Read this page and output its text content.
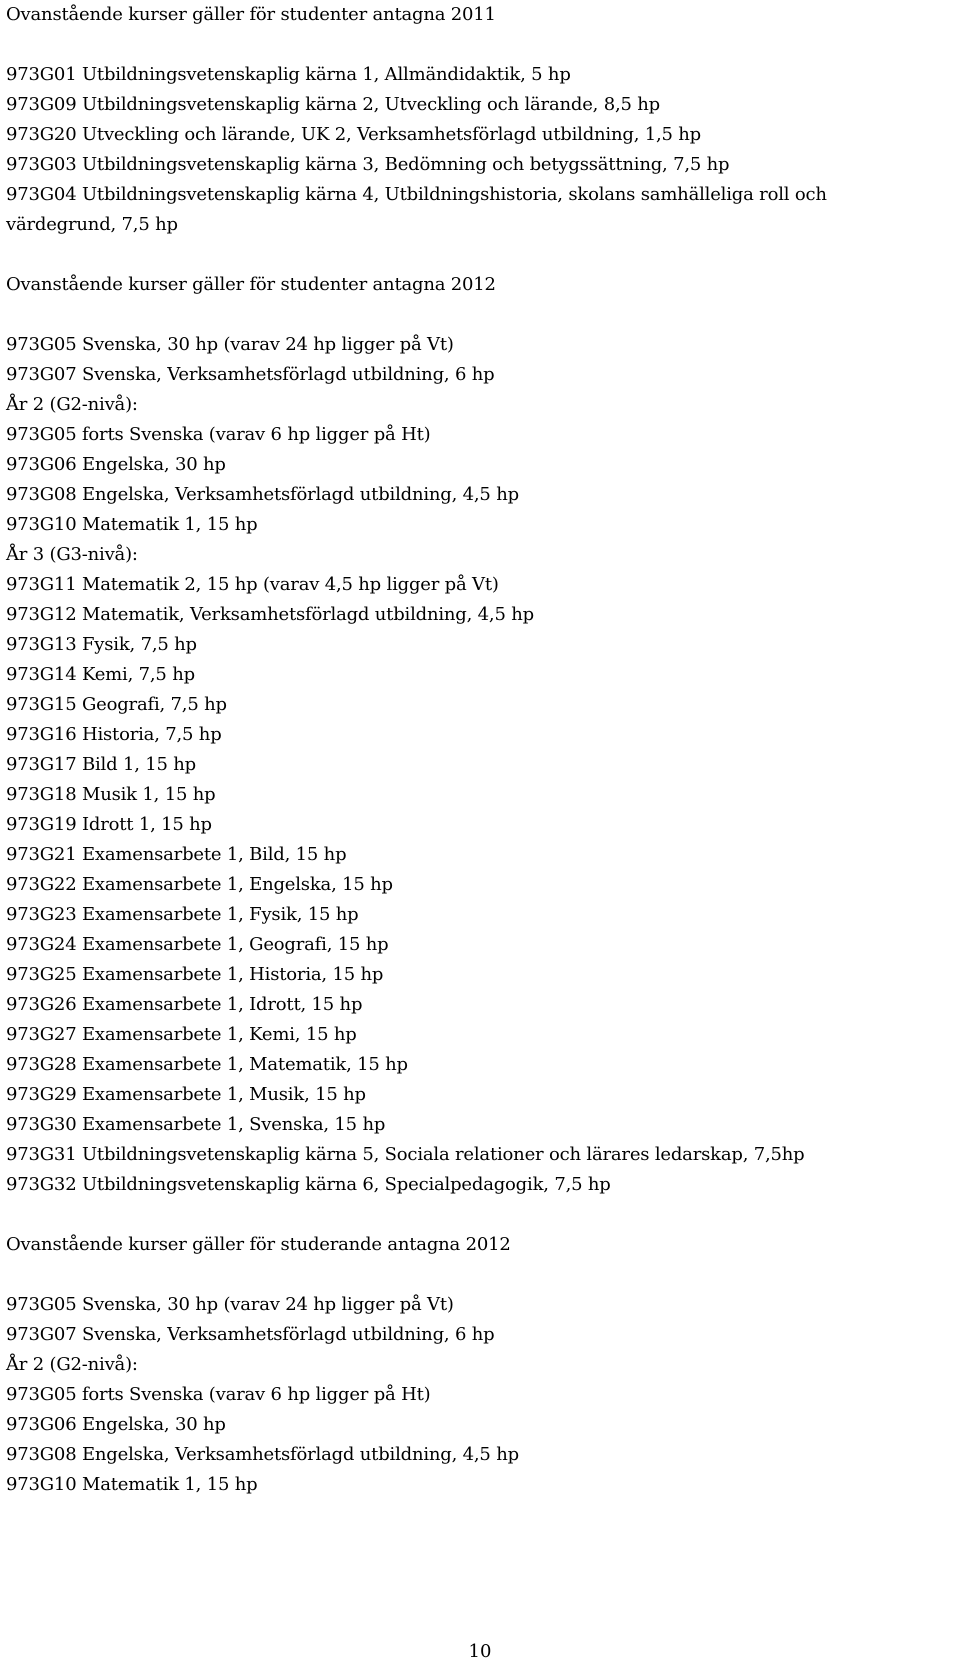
Ovanstående kurser gäller för studenter antagna 2011
973G01 Utbildningsvetenskaplig kärna 1, Allmändidaktik, 5 hp
973G09 Utbildningsvetenskaplig kärna 2, Utveckling och lärande, 8,5 hp
973G20 Utveckling och lärande, UK 2, Verksamhetsförlagd utbildning, 1,5 hp
973G03 Utbildningsvetenskaplig kärna 3, Bedömning och betygssättning, 7,5 hp
973G04 Utbildningsvetenskaplig kärna 4, Utbildningshistoria, skolans samhälleliga roll och
värdegrund, 7,5 hp
Ovanstående kurser gäller för studenter antagna 2012
973G05 Svenska, 30 hp (varav 24 hp ligger på Vt)
973G07 Svenska, Verksamhetsförlagd utbildning, 6 hp
År 2 (G2-nivå):
973G05 forts Svenska (varav 6 hp ligger på Ht)
973G06 Engelska, 30 hp
973G08 Engelska, Verksamhetsförlagd utbildning, 4,5 hp
973G10 Matematik 1, 15 hp
År 3 (G3-nivå):
973G11 Matematik 2, 15 hp (varav 4,5 hp ligger på Vt)
973G12 Matematik, Verksamhetsförlagd utbildning, 4,5 hp
973G13 Fysik, 7,5 hp
973G14 Kemi, 7,5 hp
973G15 Geografi, 7,5 hp
973G16 Historia, 7,5 hp
973G17 Bild 1, 15 hp
973G18 Musik 1, 15 hp
973G19 Idrott 1, 15 hp
973G21 Examensarbete 1, Bild, 15 hp
973G22 Examensarbete 1, Engelska, 15 hp
973G23 Examensarbete 1, Fysik, 15 hp
973G24 Examensarbete 1, Geografi, 15 hp
973G25 Examensarbete 1, Historia, 15 hp
973G26 Examensarbete 1, Idrott, 15 hp
973G27 Examensarbete 1, Kemi, 15 hp
973G28 Examensarbete 1, Matematik, 15 hp
973G29 Examensarbete 1, Musik, 15 hp
973G30 Examensarbete 1, Svenska, 15 hp
973G31 Utbildningsvetenskaplig kärna 5, Sociala relationer och lärares ledarskap, 7,5hp
973G32 Utbildningsvetenskaplig kärna 6, Specialpedagogik, 7,5 hp
Ovanstående kurser gäller för studerande antagna 2012
973G05 Svenska, 30 hp (varav 24 hp ligger på Vt)
973G07 Svenska, Verksamhetsförlagd utbildning, 6 hp
År 2 (G2-nivå):
973G05 forts Svenska (varav 6 hp ligger på Ht)
973G06 Engelska, 30 hp
973G08 Engelska, Verksamhetsförlagd utbildning, 4,5 hp
973G10 Matematik 1, 15 hp
10
